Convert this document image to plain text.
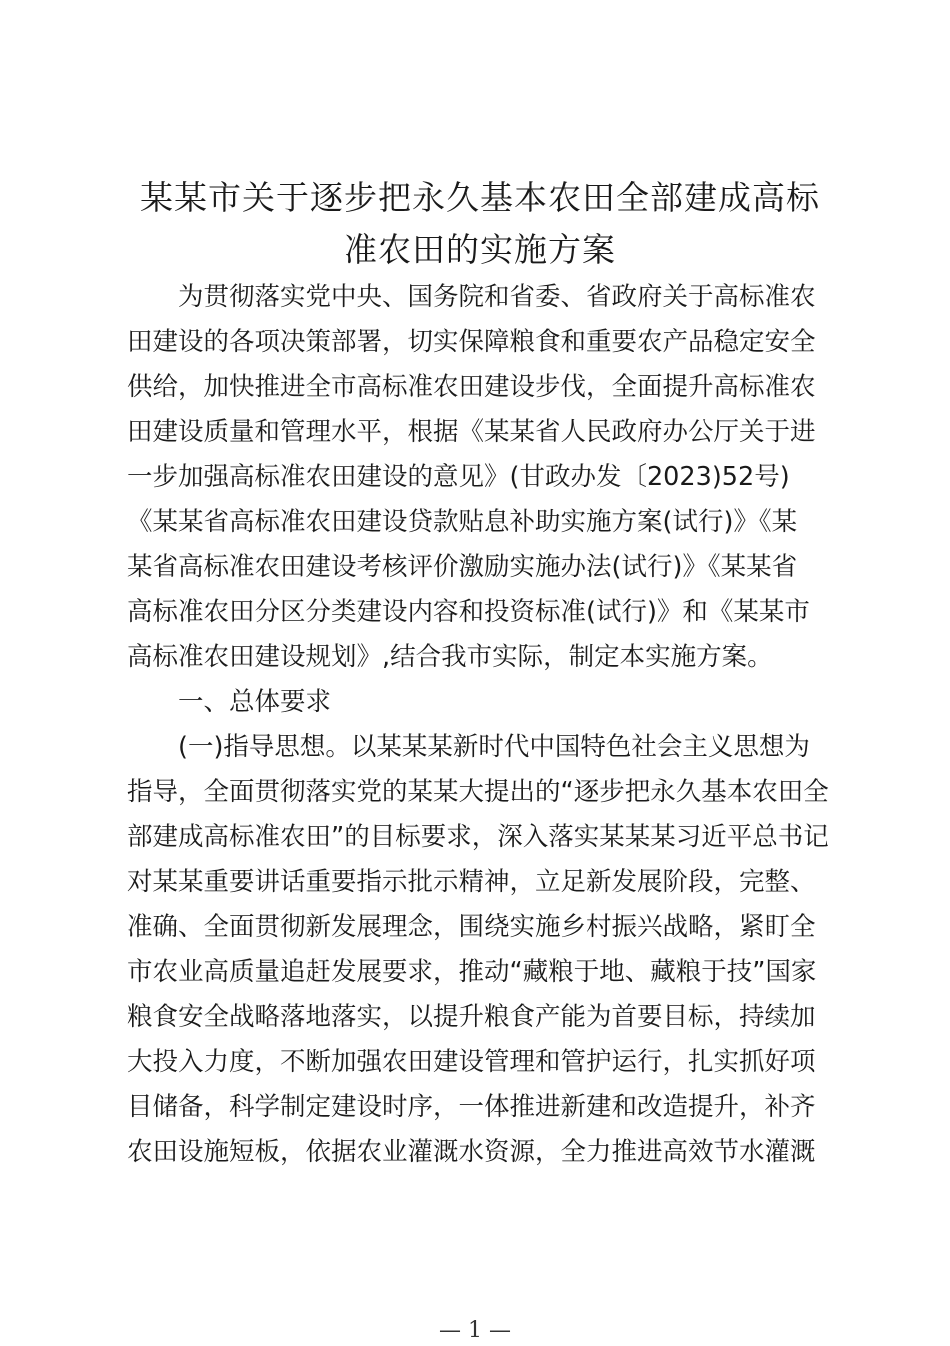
某某市关于逐步把永久基本农田全部建成高标
准农田的实施方案

为贯彻落实党中央、国务院和省委、省政府关于高标准农

田建设的各项决策部署，切实保障粮食和重要农产品稳定安全

供给，加快推进全市高标准农田建设步伐，全面提升高标准农

田建设质量和管理水平，根据《某某省人民政府办公厅关于进

一步加强高标准农田建设的意见》(甘政办发〔2023)52号)

《某某省高标准农田建设贷款贴息补助实施方案(试行)》《某

某省高标准农田建设考核评价激励实施办法(试行)》《某某省

高标准农田分区分类建设内容和投资标准(试行)》和《某某市

高标准农田建设规划》,结合我市实际，制定本实施方案。

一、总体要求

(一)指导思想。以某某某新时代中国特色社会主义思想为

指导，全面贯彻落实党的某某大提出的“逐步把永久基本农田全

部建成高标准农田”的目标要求，深入落实某某某习近平总书记

对某某重要讲话重要指示批示精神，立足新发展阶段，完整、

准确、全面贯彻新发展理念，围绕实施乡村振兴战略，紧盯全

市农业高质量追赶发展要求，推动“藏粮于地、藏粮于技”国家

粮食安全战略落地落实，以提升粮食产能为首要目标，持续加

大投入力度，不断加强农田建设管理和管护运行，扎实抓好项

目储备，科学制定建设时序，一体推进新建和改造提升，补齐

农田设施短板，依据农业灌溉水资源，全力推进高效节水灌溉

— 1 —
